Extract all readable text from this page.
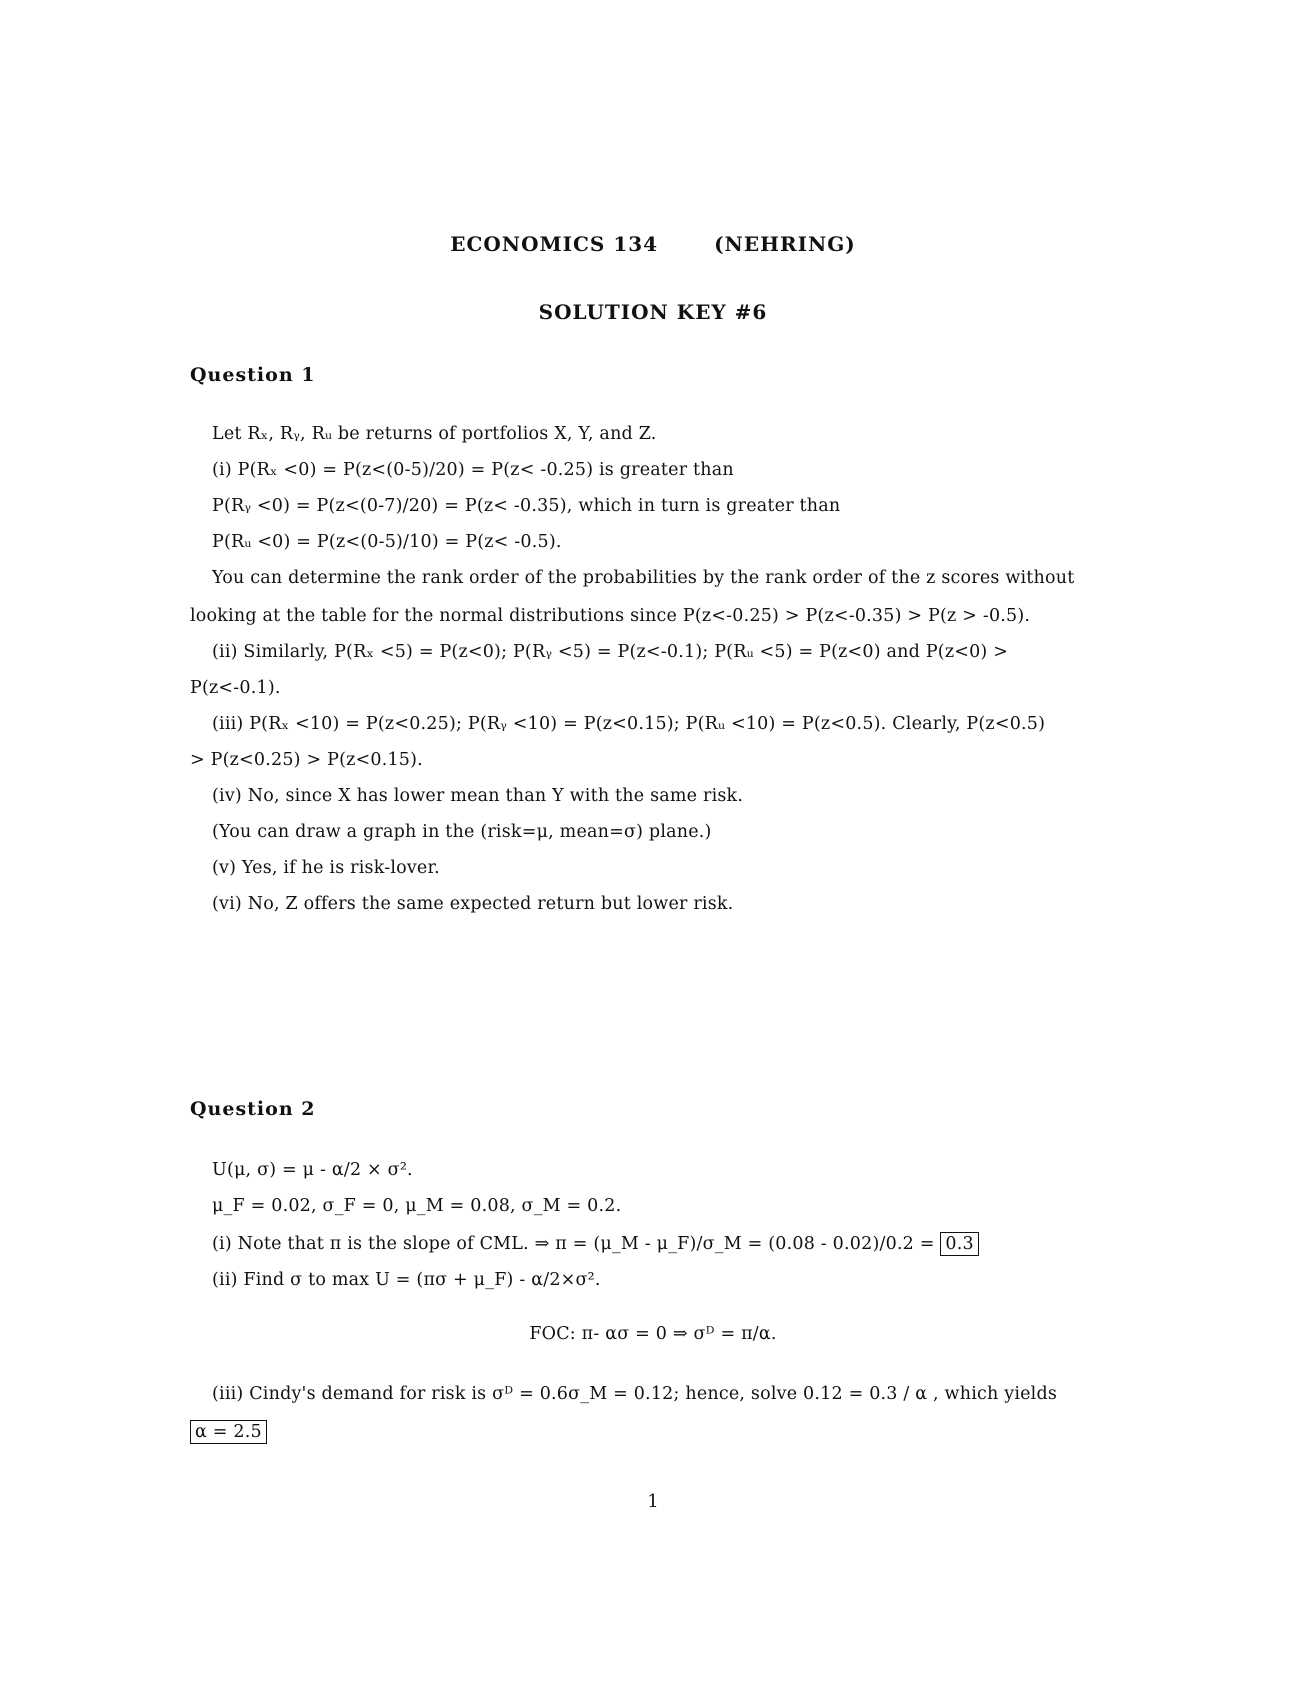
ECONOMICS 134	(NEHRING)
SOLUTION KEY #6
Question 1
Let Rₓ, Rᵧ, Rᵤ be returns of portfolios X, Y, and Z.
(i) P(Rₓ <0) = P(z<(0-5)/20) = P(z< -0.25) is greater than
P(Rᵧ <0) = P(z<(0-7)/20) = P(z< -0.35), which in turn is greater than
P(Rᵤ <0) = P(z<(0-5)/10) = P(z< -0.5).
You can determine the rank order of the probabilities by the rank order of the z scores without
looking at the table for the normal distributions since P(z<-0.25) > P(z<-0.35) > P(z > -0.5).
(ii) Similarly, P(Rₓ <5) = P(z<0); P(Rᵧ <5) = P(z<-0.1); P(Rᵤ <5) = P(z<0) and P(z<0) >
P(z<-0.1).
(iii) P(Rₓ <10) = P(z<0.25); P(Rᵧ <10) = P(z<0.15); P(Rᵤ <10) = P(z<0.5). Clearly, P(z<0.5)
> P(z<0.25) > P(z<0.15).
(iv) No, since X has lower mean than Y with the same risk.
(You can draw a graph in the (risk=μ, mean=σ) plane.)
(v) Yes, if he is risk-lover.
(vi) No, Z offers the same expected return but lower risk.
Question 2
U(μ, σ) = μ - α/2 × σ².
μ_F = 0.02, σ_F = 0, μ_M = 0.08, σ_M = 0.2.
(i) Note that π is the slope of CML. ⇒ π = (μ_M - μ_F)/σ_M = (0.08 - 0.02)/0.2 = 0.3
(ii) Find σ to max U = (πσ + μ_F) - α/2×σ².
FOC: π- ασ = 0 ⇒ σᴰ = π/α.
(iii) Cindy's demand for risk is σᴰ = 0.6σ_M = 0.12; hence, solve 0.12 = 0.3 / α , which yields
α = 2.5
1
